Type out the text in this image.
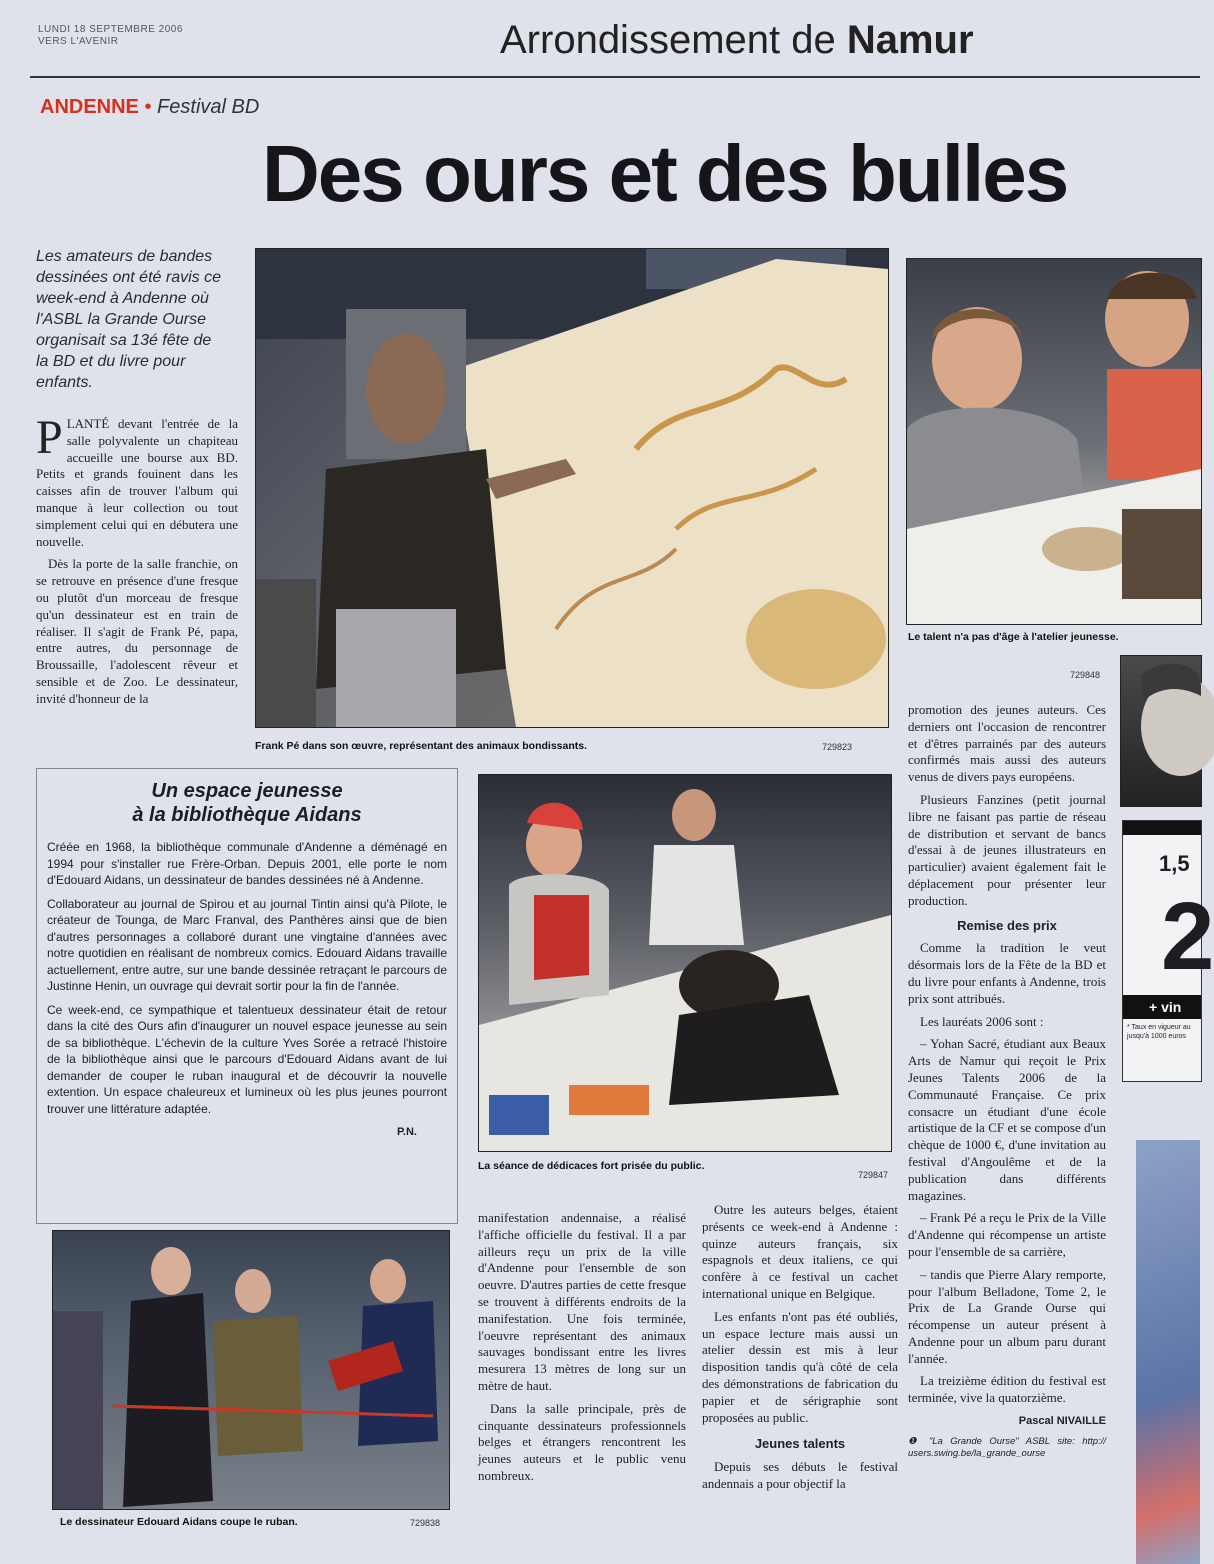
LUNDI 18 SEPTEMBRE 2006
VERS L'AVENIR	Arrondissement de Namur
ANDENNE • Festival BD
Des ours et des bulles
Les amateurs de bandes dessinées ont été ravis ce week-end à Andenne où l'ASBL la Grande Ourse organisait sa 13é fête de la BD et du livre pour enfants.

PLANTÉ devant l'entrée de la salle polyvalente un chapiteau accueille une bourse aux BD. Petits et grands fouinent dans les caisses afin de trouver l'album qui manque à leur collection ou tout simplement celui qui en débutera une nouvelle.

Dès la porte de la salle franchie, on se retrouve en présence d'une fresque ou plutôt d'un morceau de fresque qu'un dessinateur est en train de réaliser. Il s'agit de Frank Pé, papa, entre autres, du personnage de Broussaille, l'adolescent rêveur et sensible et de Zoo. Le dessinateur, invité d'honneur de la

Frank Pé dans son œuvre, représentant des animaux bondissants.	729823
Le talent n'a pas d'âge à l'atelier jeunesse.
729848

promotion des jeunes auteurs. Ces derniers ont l'occasion de rencontrer et d'êtres parrainés par des auteurs confirmés mais aussi des auteurs venus de divers pays européens.

Plusieurs Fanzines (petit journal libre ne faisant pas partie de réseau de distribution et servant de bancs d'essai à de jeunes illustrateurs en particulier) avaient également fait le déplacement pour présenter leur production.

Remise des prix

Comme la tradition le veut désormais lors de la Fête de la BD et du livre pour enfants à Andenne, trois prix sont attribués.

Les lauréats 2006 sont :

– Yohan Sacré, étudiant aux Beaux Arts de Namur qui reçoit le Prix Jeunes Talents 2006 de la Communauté Française. Ce prix consacre un étudiant d'une école artistique de la CF et se compose d'un chèque de 1000 €, d'une invitation au festival d'Angoulême et de la publication dans différents magazines.

– Frank Pé a reçu le Prix de la Ville d'Andenne qui récompense un artiste pour l'ensemble de sa carrière,

– tandis que Pierre Alary remporte, pour l'album Belladone, Tome 2, le Prix de La Grande Ourse qui récompense un auteur présent à Andenne pour un album paru durant l'année.

La treizième édition du festival est terminée, vive la quatorzième.

Pascal NIVAILLE
❶ "La Grande Ourse" ASBL site: http:// users.swing.be/la_grande_ourse
1,5
2
+ vin
* Taux en vigueur au jusqu'à 1000 euros
Un espace jeunesse
à la bibliothèque Aidans

Créée en 1968, la bibliothèque communale d'Andenne a déménagé en 1994 pour s'installer rue Frère-Orban. Depuis 2001, elle porte le nom d'Edouard Aidans, un dessinateur de bandes dessinées né à Andenne.

Collaborateur au journal de Spirou et au journal Tintin ainsi qu'à Pilote, le créateur de Tounga, de Marc Franval, des Panthères ainsi que de bien d'autres personnages a collaboré durant une vingtaine d'années avec notre quotidien en réalisant de nombreux comics. Edouard Aidans travaille actuellement, entre autre, sur une bande dessinée retraçant le parcours de Justinne Henin, un ouvrage qui devrait sortir pour la fin de l'année.

Ce week-end, ce sympathique et talentueux dessinateur était de retour dans la cité des Ours afin d'inaugurer un nouvel espace jeunesse au sein de sa bibliothèque. L'échevin de la culture Yves Sorée a retracé l'histoire de la bibliothèque ainsi que le parcours d'Edouard Aidans avant de lui demander de couper le ruban inaugural et de découvrir la nouvelle extention. Un espace chaleureux et lumineux où les plus jeunes pourront trouver une littérature adaptée.

P.N.
La séance de dédicaces fort prisée du public.
729847

manifestation andennaise, a réalisé l'affiche officielle du festival. Il a par ailleurs reçu un prix de la ville d'Andenne pour l'ensemble de son oeuvre. D'autres parties de cette fresque se trouvent à différents endroits de la manifestation. Une fois terminée, l'oeuvre représentant des animaux sauvages bondissant entre les livres mesurera 13 mètres de long sur un mètre de haut.

Dans la salle principale, près de cinquante dessinateurs professionnels belges et étrangers rencontrent les jeunes auteurs et le public venu nombreux.

Outre les auteurs belges, étaient présents ce week-end à Andenne : quinze auteurs français, six espagnols et deux italiens, ce qui confère à ce festival un cachet international unique en Belgique.

Les enfants n'ont pas été oubliés, un espace lecture mais aussi un atelier dessin est mis à leur disposition tandis qu'à côté de cela des démonstrations de fabrication du papier et de sérigraphie sont proposées au public.

Jeunes talents

Depuis ses débuts le festival andennais a pour objectif la

Le dessinateur Edouard Aidans coupe le ruban.	729838
